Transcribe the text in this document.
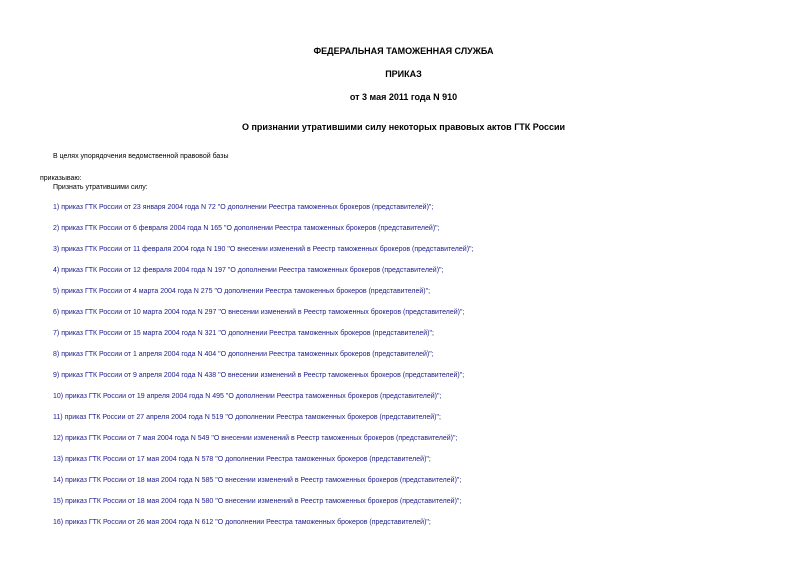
ФЕДЕРАЛЬНАЯ ТАМОЖЕННАЯ СЛУЖБА
ПРИКАЗ
от 3 мая 2011 года N 910
О признании утратившими силу некоторых правовых актов ГТК России
В целях упорядочения ведомственной правовой базы
приказываю:
Признать утратившими силу:
1) приказ ГТК России от 23 января 2004 года N 72 "О дополнении Реестра таможенных брокеров (представителей)";
2) приказ ГТК России от 6 февраля 2004 года N 165 "О дополнении Реестра таможенных брокеров (представителей)";
3) приказ ГТК России от 11 февраля 2004 года N 190 "О внесении изменений в Реестр таможенных брокеров (представителей)";
4) приказ ГТК России от 12 февраля 2004 года N 197 "О дополнении Реестра таможенных брокеров (представителей)";
5) приказ ГТК России от 4 марта 2004 года N 275 "О дополнении Реестра таможенных брокеров (представителей)";
6) приказ ГТК России от 10 марта 2004 года N 297 "О внесении изменений в Реестр таможенных брокеров (представителей)";
7) приказ ГТК России от 15 марта 2004 года N 321 "О дополнении Реестра таможенных брокеров (представителей)";
8) приказ ГТК России от 1 апреля 2004 года N 404 "О дополнении Реестра таможенных брокеров (представителей)";
9) приказ ГТК России от 9 апреля 2004 года N 438 "О внесении изменений в Реестр таможенных брокеров (представителей)";
10) приказ ГТК России от 19 апреля 2004 года N 495 "О дополнении Реестра таможенных брокеров (представителей)";
11) приказ ГТК России от 27 апреля 2004 года N 519 "О дополнении Реестра таможенных брокеров (представителей)";
12) приказ ГТК России от 7 мая 2004 года N 549 "О внесении изменений в Реестр таможенных брокеров (представителей)";
13) приказ ГТК России от 17 мая 2004 года N 578 "О дополнении Реестра таможенных брокеров (представителей)";
14) приказ ГТК России от 18 мая 2004 года N 585 "О внесении изменений в Реестр таможенных брокеров (представителей)";
15) приказ ГТК России от 18 мая 2004 года N 580 "О внесении изменений в Реестр таможенных брокеров (представителей)";
16) приказ ГТК России от 26 мая 2004 года N 612 "О дополнении Реестра таможенных брокеров (представителей)";
